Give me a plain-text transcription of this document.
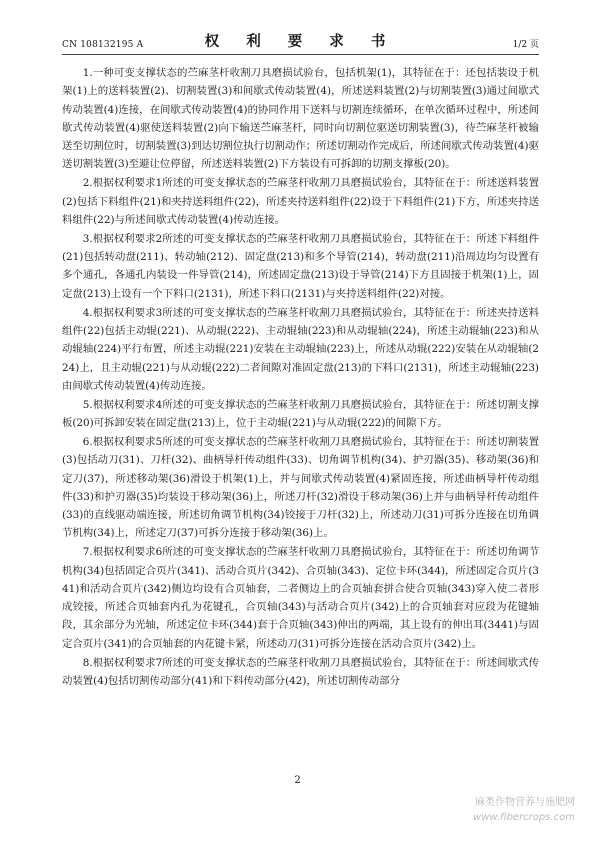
CN 108132195 A	权 利 要 求 书	1/2 页

1.一种可变支撑状态的苎麻茎杆收割刀具磨损试验台，包括机架(1)，其特征在于：还包括装设于机架(1)上的送料装置(2)、切割装置(3)和间歇式传动装置(4)，所述送料装置(2)与切割装置(3)通过间歇式传动装置(4)连接，在间歇式传动装置(4)的协同作用下送料与切割连续循环，在单次循环过程中，所述间歇式传动装置(4)驱使送料装置(2)向下输送苎麻茎杆，同时向切割位驱送切割装置(3)，待苎麻茎杆被输送至切割位时，切割装置(3)到达切割位执行切割动作；所述切割动作完成后，所述间歇式传动装置(4)驱送切割装置(3)至避让位停留，所述送料装置(2)下方装设有可拆卸的切割支撑板(20)。

2.根据权利要求1所述的可变支撑状态的苎麻茎杆收割刀具磨损试验台，其特征在于：所述送料装置(2)包括下料组件(21)和夹持送料组件(22)，所述夹持送料组件(22)设于下料组件(21)下方，所述夹持送料组件(22)与所述间歇式传动装置(4)传动连接。

3.根据权利要求2所述的可变支撑状态的苎麻茎杆收割刀具磨损试验台，其特征在于：所述下料组件(21)包括转动盘(211)、转动轴(212)、固定盘(213)和多个导管(214)，转动盘(211)沿周边均匀设置有多个通孔，各通孔内装设一件导管(214)，所述固定盘(213)设于导管(214)下方且固接于机架(1)上，固定盘(213)上设有一个下料口(2131)，所述下料口(2131)与夹持送料组件(22)对接。

4.根据权利要求3所述的可变支撑状态的苎麻茎杆收割刀具磨损试验台，其特征在于：所述夹持送料组件(22)包括主动辊(221)、从动辊(222)、主动辊轴(223)和从动辊轴(224)，所述主动辊轴(223)和从动辊轴(224)平行布置，所述主动辊(221)安装在主动辊轴(223)上，所述从动辊(222)安装在从动辊轴(224)上，且主动辊(221)与从动辊(222)二者间隙对准固定盘(213)的下料口(2131)，所述主动辊轴(223)由间歇式传动装置(4)传动连接。

5.根据权利要求4所述的可变支撑状态的苎麻茎杆收割刀具磨损试验台，其特征在于：所述切割支撑板(20)可拆卸安装在固定盘(213)上，位于主动辊(221)与从动辊(222)的间隙下方。

6.根据权利要求5所述的可变支撑状态的苎麻茎杆收割刀具磨损试验台，其特征在于：所述切割装置(3)包括动刀(31)、刀杆(32)、曲柄导杆传动组件(33)、切角调节机构(34)、护刃器(35)、移动架(36)和定刀(37)，所述移动架(36)滑设于机架(1)上，并与间歇式传动装置(4)紧固连接，所述曲柄导杆传动组件(33)和护刃器(35)均装设于移动架(36)上，所述刀杆(32)滑设于移动架(36)上并与曲柄导杆传动组件(33)的直线驱动端连接，所述切角调节机构(34)铰接于刀杆(32)上，所述动刀(31)可拆分连接在切角调节机构(34)上，所述定刀(37)可拆分连接于移动架(36)上。

7.根据权利要求6所述的可变支撑状态的苎麻茎杆收割刀具磨损试验台，其特征在于：所述切角调节机构(34)包括固定合页片(341)、活动合页片(342)、合页轴(343)、定位卡环(344)，所述固定合页片(341)和活动合页片(342)侧边均设有合页轴套，二者侧边上的合页轴套拼合使合页轴(343)穿入使二者形成铰接，所述合页轴套内孔为花键孔，合页轴(343)与活动合页片(342)上的合页轴套对应段为花键轴段，其余部分为光轴，所述定位卡环(344)套于合页轴(343)伸出的两端，其上设有的伸出耳(3441)与固定合页片(341)的合页轴套的内花键卡紧，所述动刀(31)可拆分连接在活动合页片(342)上。

8.根据权利要求7所述的可变支撑状态的苎麻茎杆收割刀具磨损试验台，其特征在于：所述间歇式传动装置(4)包括切割传动部分(41)和下料传动部分(42)，所述切割传动部分

2
麻类作物营养与施肥网
www.fibercrops.com
